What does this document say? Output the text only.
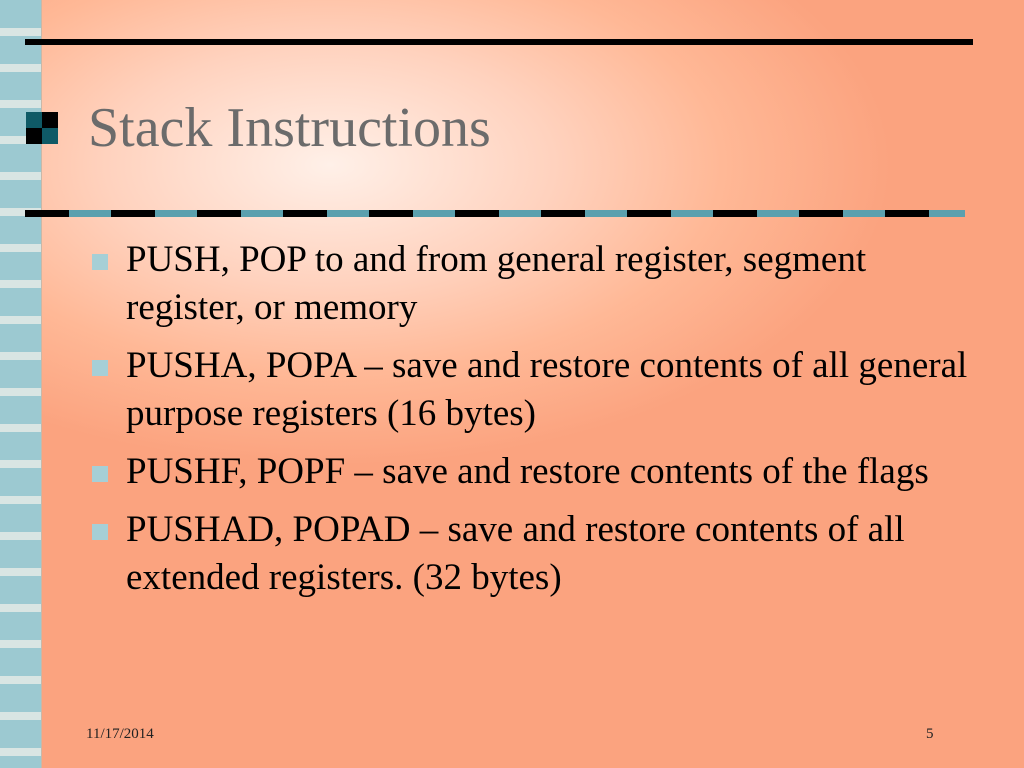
Stack Instructions
PUSH, POP to and from general register, segment register, or memory
PUSHA, POPA – save and restore contents of all general purpose registers (16 bytes)
PUSHF, POPF – save and restore contents of the flags
PUSHAD, POPAD – save and restore contents of all extended registers. (32 bytes)
11/17/2014	5
